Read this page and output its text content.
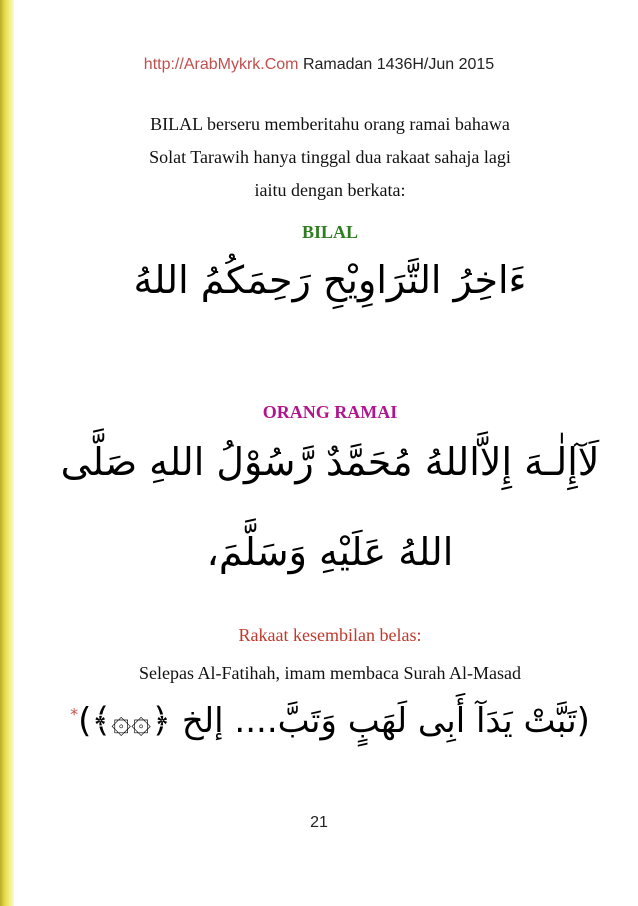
http://ArabMykrk.Com Ramadan 1436H/Jun 2015
BILAL berseru memberitahu orang ramai bahawa
Solat Tarawih hanya tinggal dua rakaat sahaja lagi
iaitu dengan berkata:
BILAL
ءَاخِرُ التَّرَاوِيْحِ رَحِمَكُمُ اللهُ
ORANG RAMAI
لَآإِلٰـهَ إِلاَّاللهُ مُحَمَّدٌ رَّسُوْلُ اللهِ صَلَّى
اللهُ عَلَيْهِ وَسَلَّمَ،
Rakaat kesembilan belas:
Selepas Al-Fatihah, imam membaca Surah Al-Masad
(تَبَّتْ يَدَآ أَبِى لَهَبٍ وَتَبَّ.... إلخ ﴿۞۞﴾)*
21
